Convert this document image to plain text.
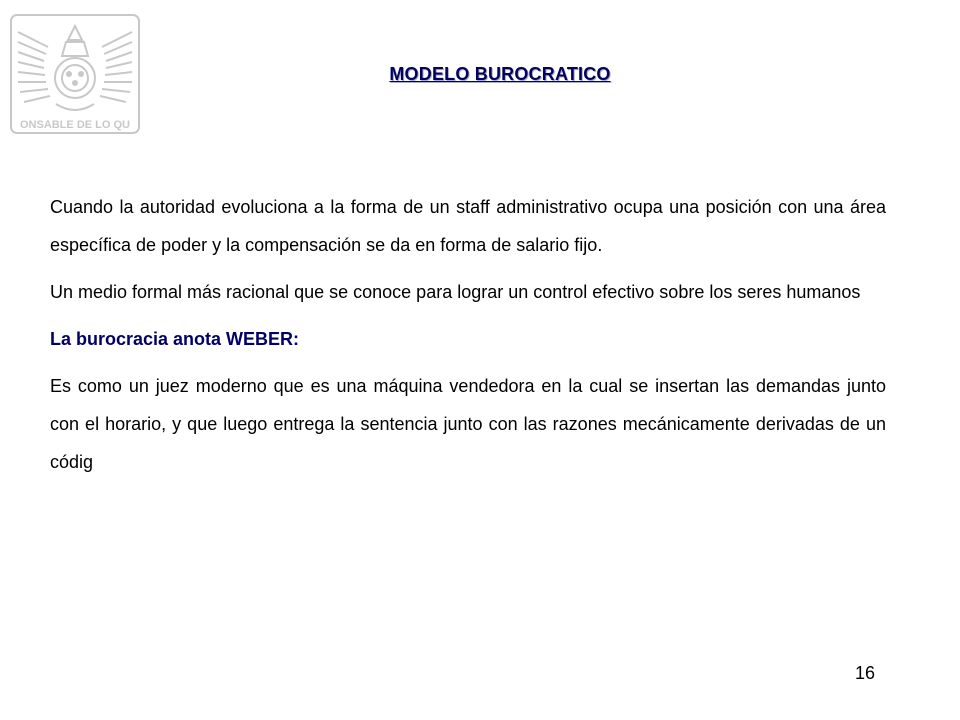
ONSABLE DE LO QU
MODELO BUROCRATICO

Cuando la autoridad evoluciona a la forma de un staff administrativo ocupa una posición con una área específica de poder y la compensación se da en forma de salario fijo.

Un medio formal más racional que se conoce para lograr un control efectivo sobre los seres humanos

La burocracia anota WEBER:

Es como un juez moderno que es una máquina vendedora en la cual se insertan las demandas junto con el horario, y que luego entrega la sentencia junto con las razones mecánicamente derivadas de un códig

16
